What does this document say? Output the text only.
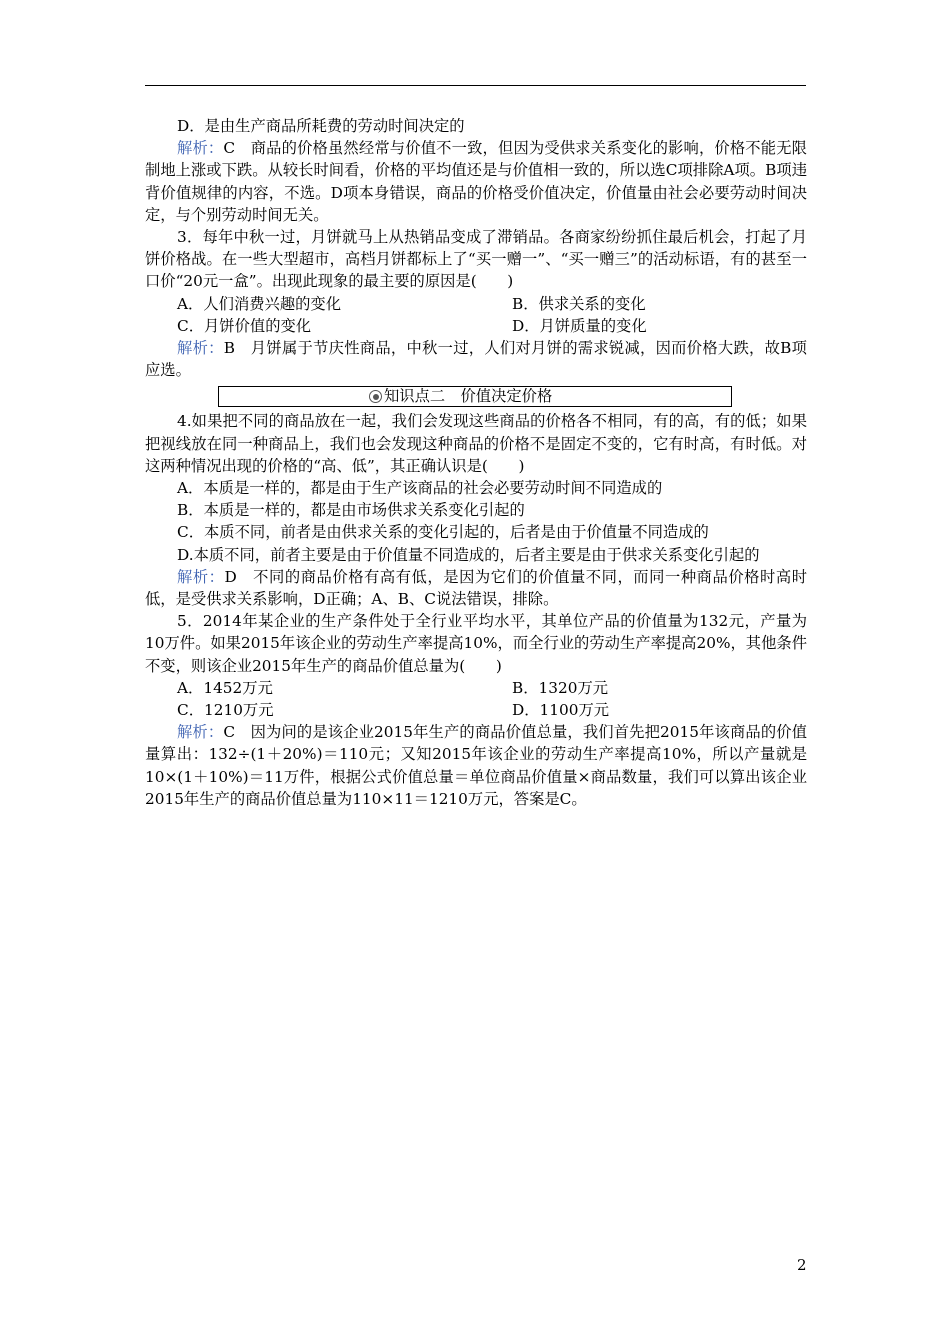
D．是由生产商品所耗费的劳动时间决定的

解析：C　商品的价格虽然经常与价值不一致，但因为受供求关系变化的影响，价格不能无限制地上涨或下跌。从较长时间看，价格的平均值还是与价值相一致的，所以选C项排除A项。B项违背价值规律的内容，不选。D项本身错误，商品的价格受价值决定，价值量由社会必要劳动时间决定，与个别劳动时间无关。

3．每年中秋一过，月饼就马上从热销品变成了滞销品。各商家纷纷抓住最后机会，打起了月饼价格战。在一些大型超市，高档月饼都标上了“买一赠一”、“买一赠三”的活动标语，有的甚至一口价“20元一盒”。出现此现象的最主要的原因是(　　)

A．人们消费兴趣的变化	B．供求关系的变化
C．月饼价值的变化	D．月饼质量的变化

解析：B　月饼属于节庆性商品，中秋一过，人们对月饼的需求锐减，因而价格大跌，故B项应选。

知识点二　价值决定价格

4.如果把不同的商品放在一起，我们会发现这些商品的价格各不相同，有的高，有的低；如果把视线放在同一种商品上，我们也会发现这种商品的价格不是固定不变的，它有时高，有时低。对这两种情况出现的价格的“高、低”，其正确认识是(　　)

A．本质是一样的，都是由于生产该商品的社会必要劳动时间不同造成的

B．本质是一样的，都是由市场供求关系变化引起的

C．本质不同，前者是由供求关系的变化引起的，后者是由于价值量不同造成的

D.本质不同，前者主要是由于价值量不同造成的，后者主要是由于供求关系变化引起的

解析：D　不同的商品价格有高有低，是因为它们的价值量不同，而同一种商品价格时高时低，是受供求关系影响，D正确；A、B、C说法错误，排除。

5．2014年某企业的生产条件处于全行业平均水平，其单位产品的价值量为132元，产量为10万件。如果2015年该企业的劳动生产率提高10%，而全行业的劳动生产率提高20%，其他条件不变，则该企业2015年生产的商品价值总量为(　　)

A．1452万元	B．1320万元
C．1210万元	D．1100万元

解析：C　因为问的是该企业2015年生产的商品价值总量，我们首先把2015年该商品的价值量算出：132÷(1＋20%)＝110元；又知2015年该企业的劳动生产率提高10%，所以产量就是10×(1＋10%)＝11万件，根据公式价值总量＝单位商品价值量×商品数量，我们可以算出该企业2015年生产的商品价值总量为110×11＝1210万元，答案是C。

2
